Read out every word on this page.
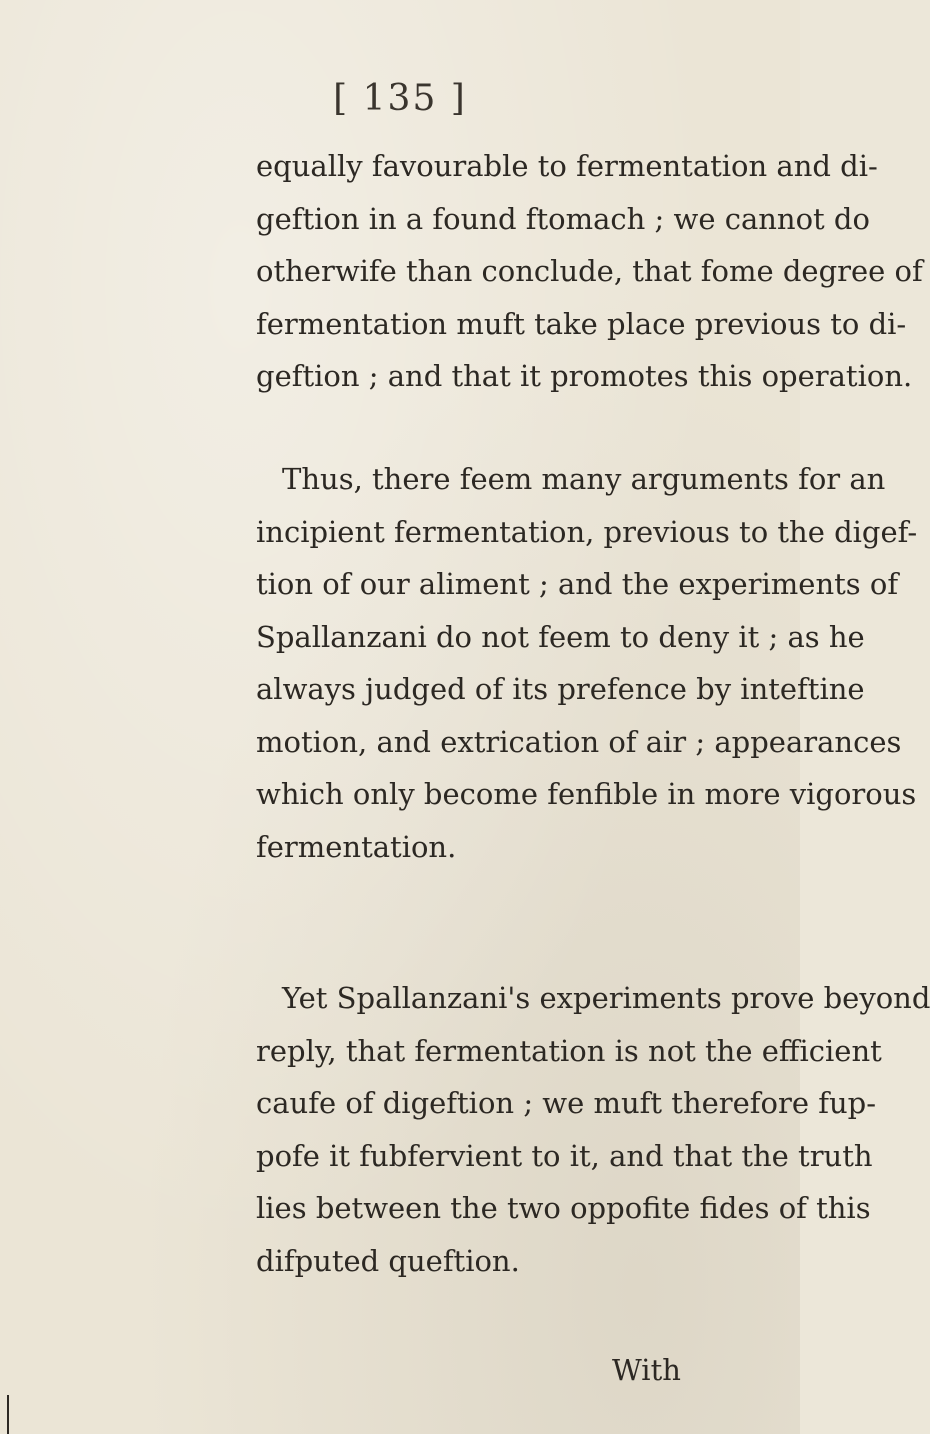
[ 135 ]
equally favourable to fermentation and di-
geftion in a found ftomach ; we cannot do
otherwife than conclude, that fome degree of
fermentation muft take place previous to di-
geftion ; and that it promotes this operation.
Thus, there feem many arguments for an
incipient fermentation, previous to the digef-
tion of our aliment ; and the experiments of
Spallanzani do not feem to deny it ; as he
always judged of its prefence by inteftine
motion, and extrication of air ; appearances
which only become fenfible in more vigorous
fermentation.
Yet Spallanzani's experiments prove beyond
reply, that fermentation is not the efficient
caufe of digeftion ; we muft therefore fup-
pofe it fubfervient to it, and that the truth
lies between the two oppofite fides of this
difputed queftion.
With
